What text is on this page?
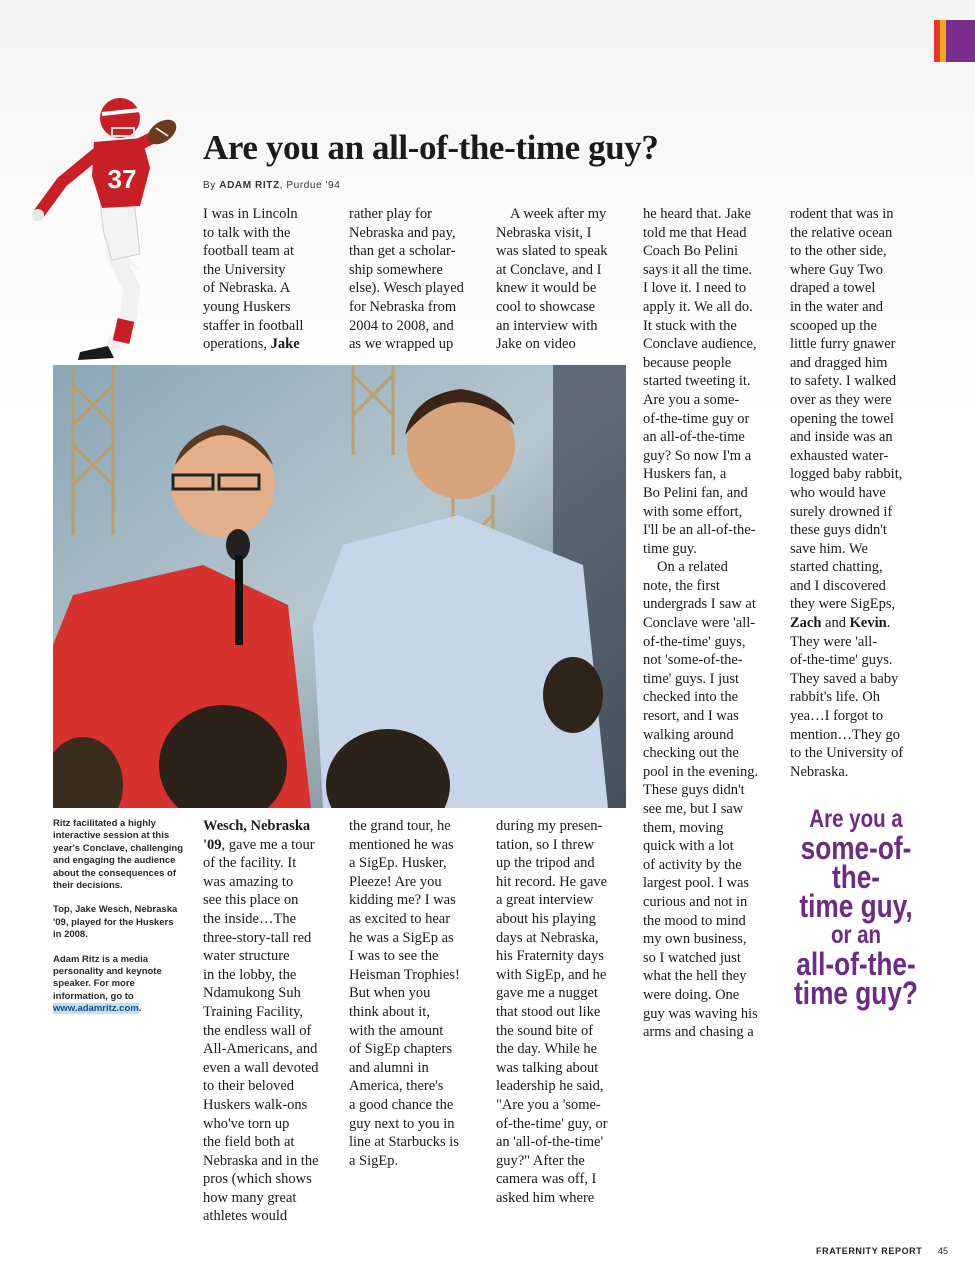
37
Are you an all-of-the-time guy?
By ADAM RITZ, Purdue '94

I was in Lincoln
to talk with the
football team at
the University
of Nebraska. A
young Huskers
staffer in football
operations, Jake

rather play for
Nebraska and pay,
than get a scholar-
ship somewhere
else). Wesch played
for Nebraska from
2004 to 2008, and
as we wrapped up

A week after my
Nebraska visit, I
was slated to speak
at Conclave, and I
knew it would be
cool to showcase
an interview with
Jake on video

Ritz facilitated a highly
interactive session at this
year's Conclave, challenging
and engaging the audience
about the consequences of
their decisions.

Top, Jake Wesch, Nebraska
'09, played for the Huskers
in 2008.

Adam Ritz is a media
personality and keynote
speaker. For more
information, go to
www.adamritz.com.

Wesch, Nebraska
'09, gave me a tour
of the facility. It
was amazing to
see this place on
the inside…The
three-story-tall red
water structure
in the lobby, the
Ndamukong Suh
Training Facility,
the endless wall of
All-Americans, and
even a wall devoted
to their beloved
Huskers walk-ons
who've torn up
the field both at
Nebraska and in the
pros (which shows
how many great
athletes would

the grand tour, he
mentioned he was
a SigEp. Husker,
Pleeze! Are you
kidding me? I was
as excited to hear
he was a SigEp as
I was to see the
Heisman Trophies!
But when you
think about it,
with the amount
of SigEp chapters
and alumni in
America, there's
a good chance the
guy next to you in
line at Starbucks is
a SigEp.

during my presen-
tation, so I threw
up the tripod and
hit record. He gave
a great interview
about his playing
days at Nebraska,
his Fraternity days
with SigEp, and he
gave me a nugget
that stood out like
the sound bite of
the day. While he
was talking about
leadership he said,
"Are you a 'some-
of-the-time' guy, or
an 'all-of-the-time'
guy?" After the
camera was off, I
asked him where

he heard that. Jake
told me that Head
Coach Bo Pelini
says it all the time.
I love it. I need to
apply it. We all do.
It stuck with the
Conclave audience,
because people
started tweeting it.
Are you a some-
of-the-time guy or
an all-of-the-time
guy? So now I'm a
Huskers fan, a
Bo Pelini fan, and
with some effort,
I'll be an all-of-the-
time guy.

On a related
note, the first
undergrads I saw at
Conclave were 'all-
of-the-time' guys,
not 'some-of-the-
time' guys. I just
checked into the
resort, and I was
walking around
checking out the
pool in the evening.
These guys didn't
see me, but I saw
them, moving
quick with a lot
of activity by the
largest pool. I was
curious and not in
the mood to mind
my own business,
so I watched just
what the hell they
were doing. One
guy was waving his
arms and chasing a

rodent that was in
the relative ocean
to the other side,
where Guy Two
draped a towel
in the water and
scooped up the
little furry gnawer
and dragged him
to safety. I walked
over as they were
opening the towel
and inside was an
exhausted water-
logged baby rabbit,
who would have
surely drowned if
these guys didn't
save him. We
started chatting,
and I discovered
they were SigEps,
Zach and Kevin.
They were 'all-
of-the-time' guys.
They saved a baby
rabbit's life. Oh
yea…I forgot to
mention…They go
to the University of
Nebraska.

Are you a

some-of-the-
time guy,

or an

all-of-the-
time guy?

FRATERNITY REPORT 45
